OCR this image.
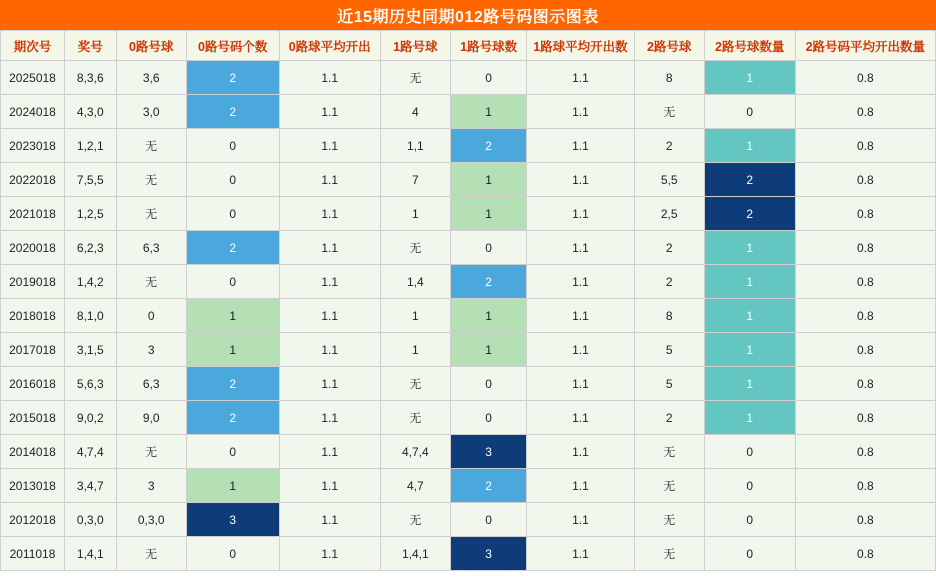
近15期历史同期012路号码图示图表
期次号	奖号	0路号球	0路号码个数	0路球平均开出	1路号球	1路号球数	1路球平均开出数	2路号球	2路号球数量	2路号码平均开出数量
2025018	8,3,6	3,6	2	1.1	无	0	1.1	8	1	0.8
2024018	4,3,0	3,0	2	1.1	4	1	1.1	无	0	0.8
2023018	1,2,1	无	0	1.1	1,1	2	1.1	2	1	0.8
2022018	7,5,5	无	0	1.1	7	1	1.1	5,5	2	0.8
2021018	1,2,5	无	0	1.1	1	1	1.1	2,5	2	0.8
2020018	6,2,3	6,3	2	1.1	无	0	1.1	2	1	0.8
2019018	1,4,2	无	0	1.1	1,4	2	1.1	2	1	0.8
2018018	8,1,0	0	1	1.1	1	1	1.1	8	1	0.8
2017018	3,1,5	3	1	1.1	1	1	1.1	5	1	0.8
2016018	5,6,3	6,3	2	1.1	无	0	1.1	5	1	0.8
2015018	9,0,2	9,0	2	1.1	无	0	1.1	2	1	0.8
2014018	4,7,4	无	0	1.1	4,7,4	3	1.1	无	0	0.8
2013018	3,4,7	3	1	1.1	4,7	2	1.1	无	0	0.8
2012018	0,3,0	0,3,0	3	1.1	无	0	1.1	无	0	0.8
2011018	1,4,1	无	0	1.1	1,4,1	3	1.1	无	0	0.8
